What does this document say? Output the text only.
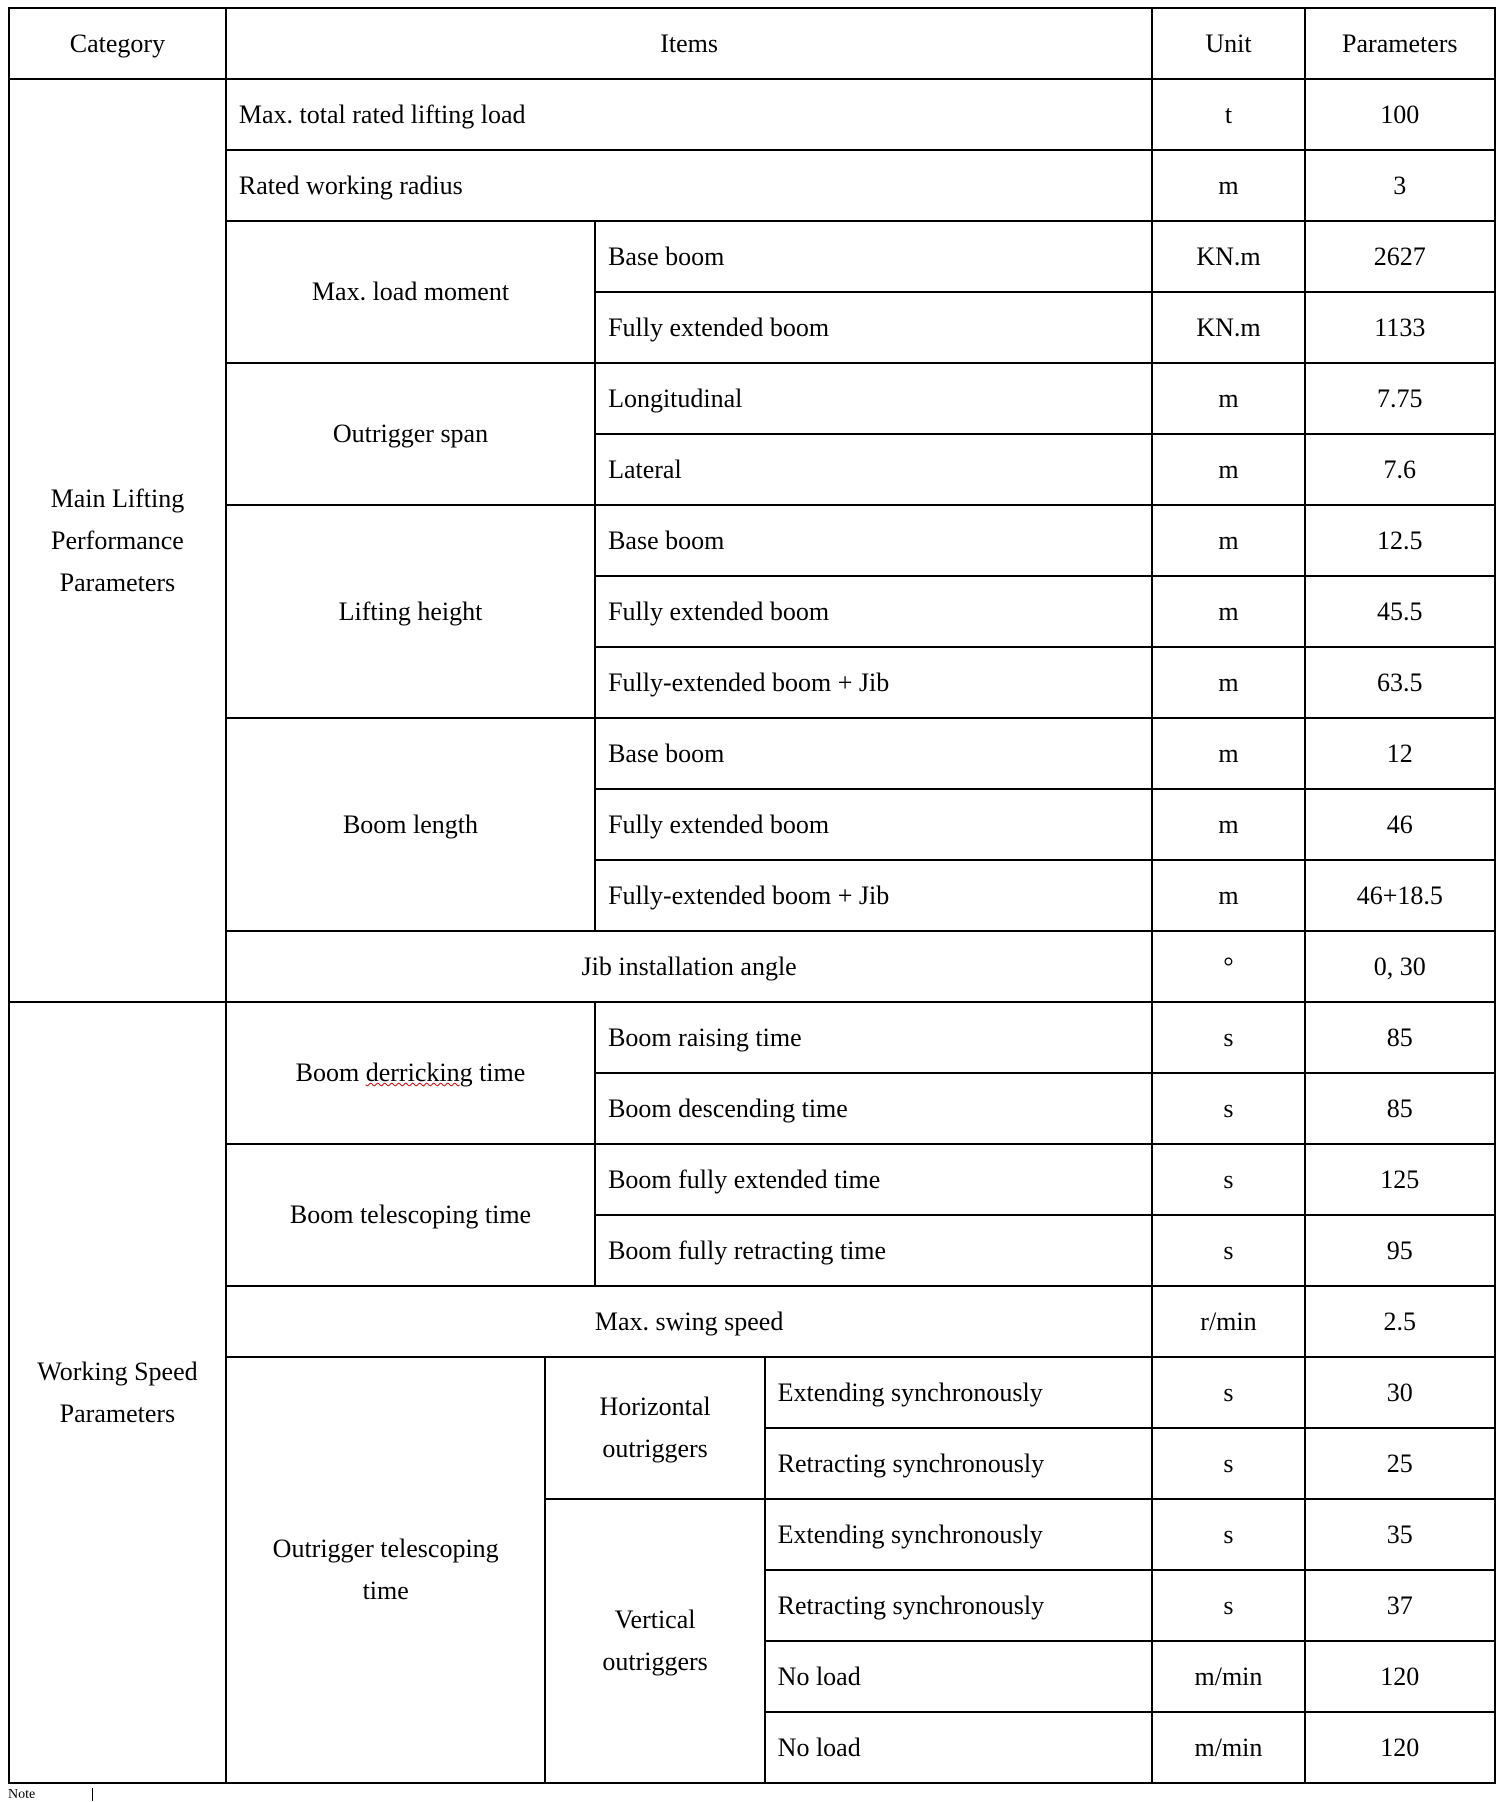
Category	Items				Unit	Parameters
Main Lifting Performance Parameters	Max. total rated lifting load				t	100
	Rated working radius				m	3
	Max. load moment		Base boom		KN.m	2627
			Fully extended boom		KN.m	1133
	Outrigger span		Longitudinal		m	7.75
			Lateral		m	7.6
	Lifting height		Base boom		m	12.5
			Fully extended boom		m	45.5
			Fully-extended boom + Jib		m	63.5
	Boom length		Base boom		m	12
			Fully extended boom		m	46
			Fully-extended boom + Jib		m	46+18.5
	Jib installation angle				°	0, 30
Working Speed Parameters	Boom derricking time		Boom raising time		s	85
			Boom descending time		s	85
	Boom telescoping time		Boom fully extended time		s	125
			Boom fully retracting time		s	95
	Max. swing speed				r/min	2.5
	Outrigger telescoping time	Horizontal outriggers		Extending synchronously	s	30
				Retracting synchronously	s	25
		Vertical outriggers		Extending synchronously	s	35
				Retracting synchronously	s	37
				No load	m/min	120
				No load	m/min	120
Note
